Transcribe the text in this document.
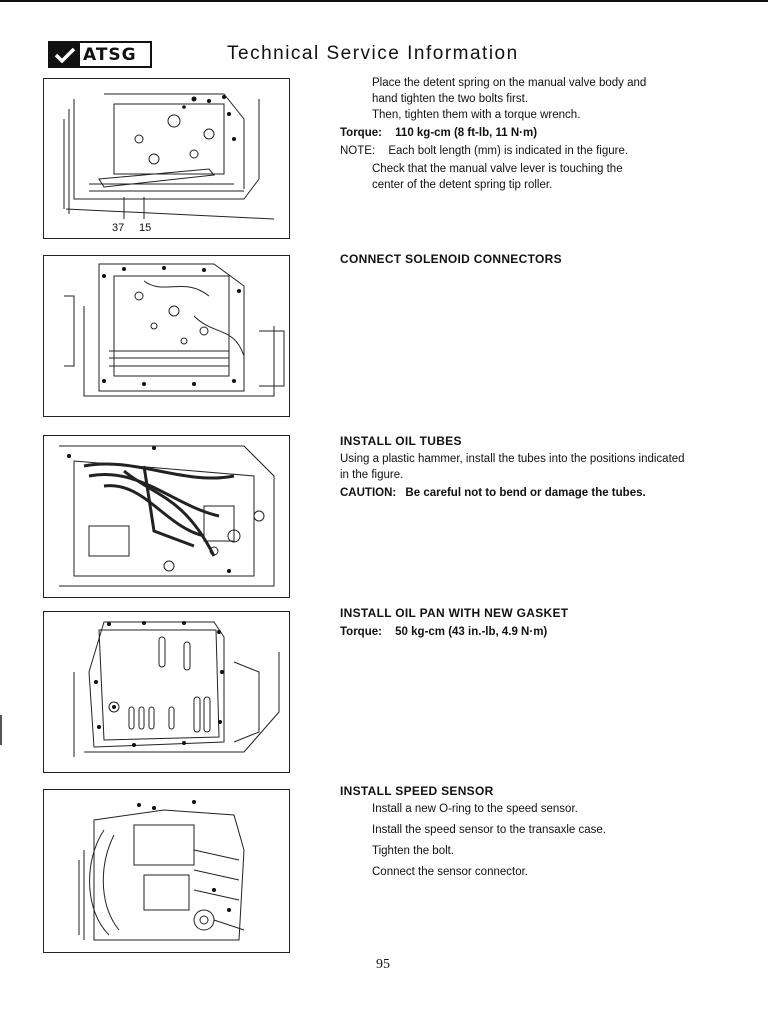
ATSG	Technical Service Information
37 15

Place the detent spring on the manual valve body and

hand tighten the two bolts first.

Then, tighten them with a torque wrench.

Torque: 110 kg-cm (8 ft-lb, 11 N·m)

NOTE: Each bolt length (mm) is indicated in the figure.

Check that the manual valve lever is touching the

center of the detent spring tip roller.

CONNECT SOLENOID CONNECTORS

INSTALL OIL TUBES

Using a plastic hammer, install the tubes into the positions indicated in the figure.

CAUTION: Be careful not to bend or damage the tubes.

INSTALL OIL PAN WITH NEW GASKET

Torque: 50 kg-cm (43 in.-lb, 4.9 N·m)

INSTALL SPEED SENSOR

Install a new O-ring to the speed sensor.

Install the speed sensor to the transaxle case.

Tighten the bolt.

Connect the sensor connector.

95
